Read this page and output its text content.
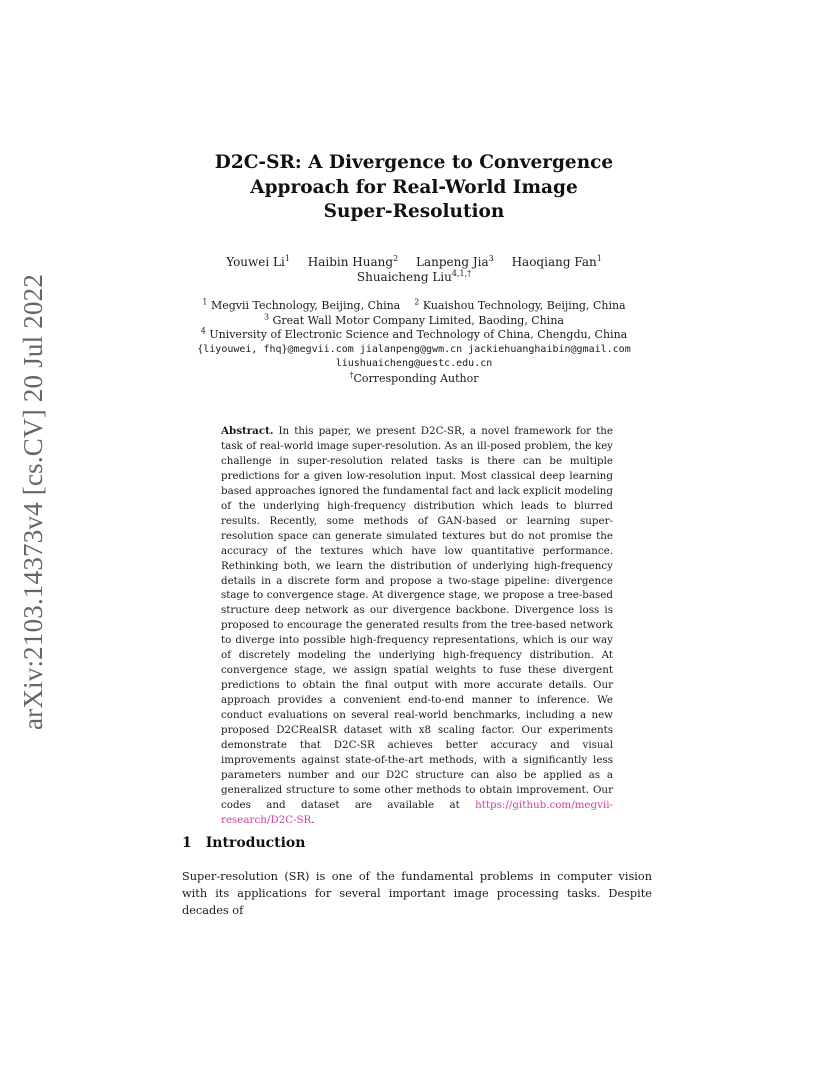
arXiv:2103.14373v4 [cs.CV] 20 Jul 2022
D2C-SR: A Divergence to Convergence
Approach for Real-World Image
Super-Resolution
Youwei Li$^1$ Haibin Huang$^2$ Lanpeng Jia$^3$ Haoqiang Fan$^1$
Shuaicheng Liu$^{4,1,\dagger}$
$^1$ Megvii Technology, Beijing, China $^2$ Kuaishou Technology, Beijing, China
$^3$ Great Wall Motor Company Limited, Baoding, China
$^4$ University of Electronic Science and Technology of China, Chengdu, China
{liyouwei, fhq}@megvii.com jialanpeng@gwm.cn jackiehuanghaibin@gmail.com
liushuaicheng@uestc.edu.cn
†Corresponding Author
Abstract. In this paper, we present D2C-SR, a novel framework for the task of real-world image super-resolution. As an ill-posed problem, the key challenge in super-resolution related tasks is there can be multiple predictions for a given low-resolution input. Most classical deep learning based approaches ignored the fundamental fact and lack explicit modeling of the underlying high-frequency distribution which leads to blurred results. Recently, some methods of GAN-based or learning super-resolution space can generate simulated textures but do not promise the accuracy of the textures which have low quantitative performance. Rethinking both, we learn the distribution of underlying high-frequency details in a discrete form and propose a two-stage pipeline: divergence stage to convergence stage. At divergence stage, we propose a tree-based structure deep network as our divergence backbone. Divergence loss is proposed to encourage the generated results from the tree-based network to diverge into possible high-frequency representations, which is our way of discretely modeling the underlying high-frequency distribution. At convergence stage, we assign spatial weights to fuse these divergent predictions to obtain the final output with more accurate details. Our approach provides a convenient end-to-end manner to inference. We conduct evaluations on several real-world benchmarks, including a new proposed D2CRealSR dataset with x8 scaling factor. Our experiments demonstrate that D2C-SR achieves better accuracy and visual improvements against state-of-the-art methods, with a significantly less parameters number and our D2C structure can also be applied as a generalized structure to some other methods to obtain improvement. Our codes and dataset are available at https://github.com/megvii-research/D2C-SR.
1 Introduction
Super-resolution (SR) is one of the fundamental problems in computer vision with its applications for several important image processing tasks. Despite decades of
